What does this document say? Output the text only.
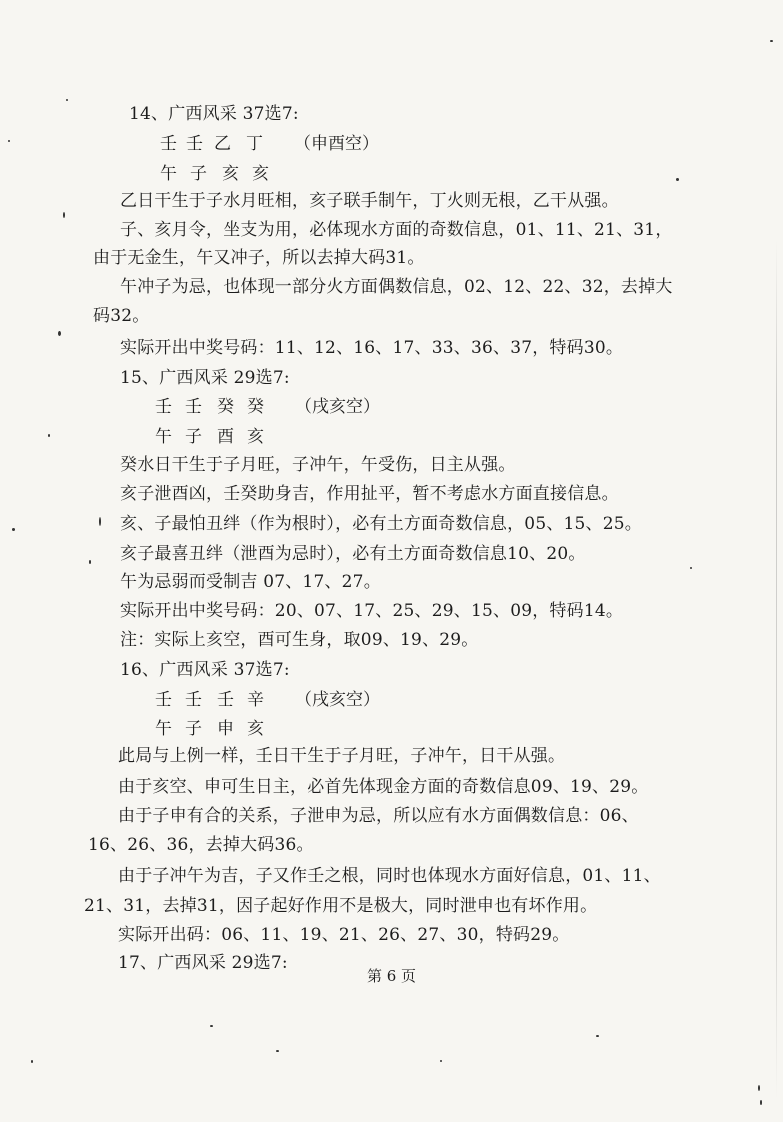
14、广西风采 37选7:
壬 壬 乙 丁 （申酉空）
午 子 亥 亥
乙日干生于子水月旺相，亥子联手制午，丁火则无根，乙干从强。
子、亥月令，坐支为用，必体现水方面的奇数信息，01、11、21、31，
由于无金生，午又冲子，所以去掉大码31。
午冲子为忌，也体现一部分火方面偶数信息，02、12、22、32，去掉大
码32。
实际开出中奖号码：11、12、16、17、33、36、37，特码30。
15、广西风采 29选7:
壬 壬 癸 癸 （戌亥空）
午 子 酉 亥
癸水日干生于子月旺，子冲午，午受伤，日主从强。
亥子泄酉凶，壬癸助身吉，作用扯平，暂不考虑水方面直接信息。
亥、子最怕丑绊（作为根时），必有土方面奇数信息，05、15、25。
亥子最喜丑绊（泄酉为忌时），必有土方面奇数信息10、20。
午为忌弱而受制吉 07、17、27。
实际开出中奖号码：20、07、17、25、29、15、09，特码14。
注：实际上亥空，酉可生身，取09、19、29。
16、广西风采 37选7:
壬 壬 壬 辛 （戌亥空）
午 子 申 亥
此局与上例一样，壬日干生于子月旺，子冲午，日干从强。
由于亥空、申可生日主，必首先体现金方面的奇数信息09、19、29。
由于子申有合的关系，子泄申为忌，所以应有水方面偶数信息：06、
16、26、36，去掉大码36。
由于子冲午为吉，子又作壬之根，同时也体现水方面好信息，01、11、
21、31，去掉31，因子起好作用不是极大，同时泄申也有坏作用。
实际开出码：06、11、19、21、26、27、30，特码29。
17、广西风采 29选7:
第 6 页
